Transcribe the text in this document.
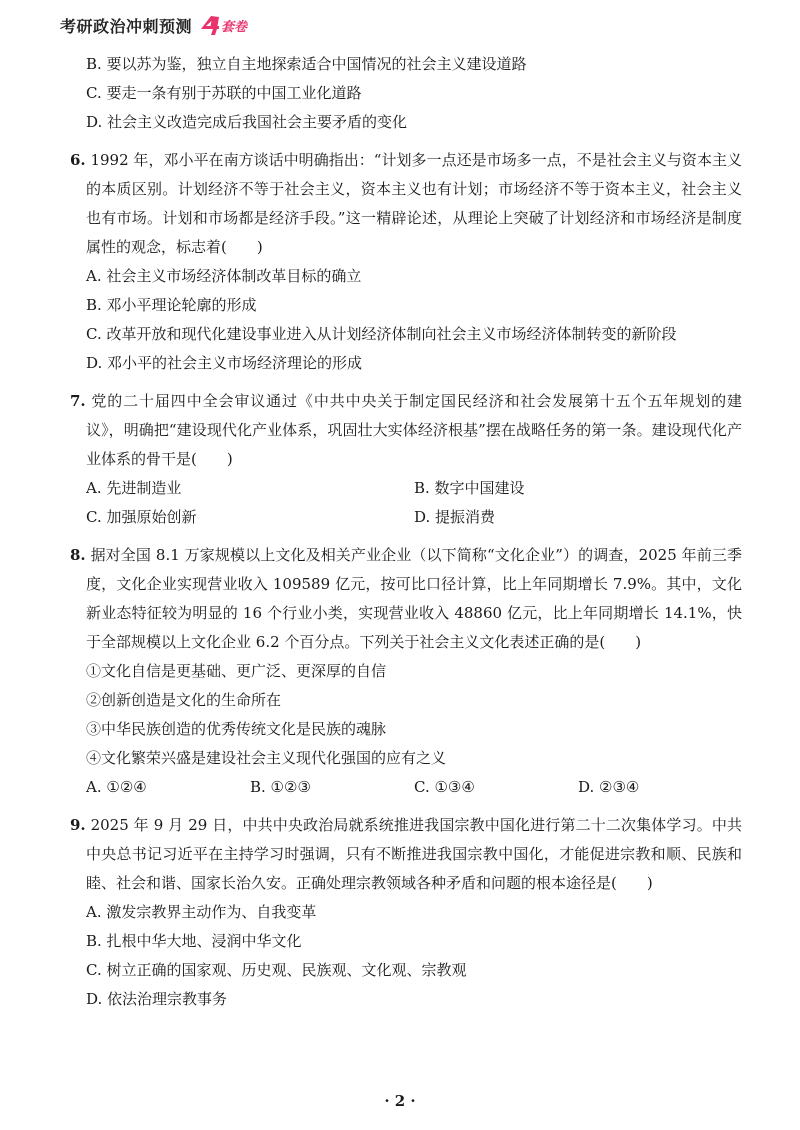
考研政治冲刺预测 套卷
B. 要以苏为鉴，独立自主地探索适合中国情况的社会主义建设道路
C. 要走一条有别于苏联的中国工业化道路
D. 社会主义改造完成后我国社会主要矛盾的变化
6. 1992 年，邓小平在南方谈话中明确指出：“计划多一点还是市场多一点，不是社会主义与资本主义的本质区别。计划经济不等于社会主义，资本主义也有计划；市场经济不等于资本主义，社会主义也有市场。计划和市场都是经济手段。”这一精辟论述，从理论上突破了计划经济和市场经济是制度属性的观念，标志着(　　)
A. 社会主义市场经济体制改革目标的确立
B. 邓小平理论轮廓的形成
C. 改革开放和现代化建设事业进入从计划经济体制向社会主义市场经济体制转变的新阶段
D. 邓小平的社会主义市场经济理论的形成
7. 党的二十届四中全会审议通过《中共中央关于制定国民经济和社会发展第十五个五年规划的建议》，明确把“建设现代化产业体系，巩固壮大实体经济根基”摆在战略任务的第一条。建设现代化产业体系的骨干是(　　)
A. 先进制造业	B. 数字中国建设
C. 加强原始创新	D. 提振消费
8. 据对全国 8.1 万家规模以上文化及相关产业企业（以下简称“文化企业”）的调查，2025 年前三季度，文化企业实现营业收入 109589 亿元，按可比口径计算，比上年同期增长 7.9%。其中，文化新业态特征较为明显的 16 个行业小类，实现营业收入 48860 亿元，比上年同期增长 14.1%，快于全部规模以上文化企业 6.2 个百分点。下列关于社会主义文化表述正确的是(　　)
①文化自信是更基础、更广泛、更深厚的自信
②创新创造是文化的生命所在
③中华民族创造的优秀传统文化是民族的魂脉
④文化繁荣兴盛是建设社会主义现代化强国的应有之义
A. ①②④	B. ①②③	C. ①③④	D. ②③④
9. 2025 年 9 月 29 日，中共中央政治局就系统推进我国宗教中国化进行第二十二次集体学习。中共中央总书记习近平在主持学习时强调，只有不断推进我国宗教中国化，才能促进宗教和顺、民族和睦、社会和谐、国家长治久安。正确处理宗教领域各种矛盾和问题的根本途径是(　　)
A. 激发宗教界主动作为、自我变革
B. 扎根中华大地、浸润中华文化
C. 树立正确的国家观、历史观、民族观、文化观、宗教观
D. 依法治理宗教事务
· 2 ·
